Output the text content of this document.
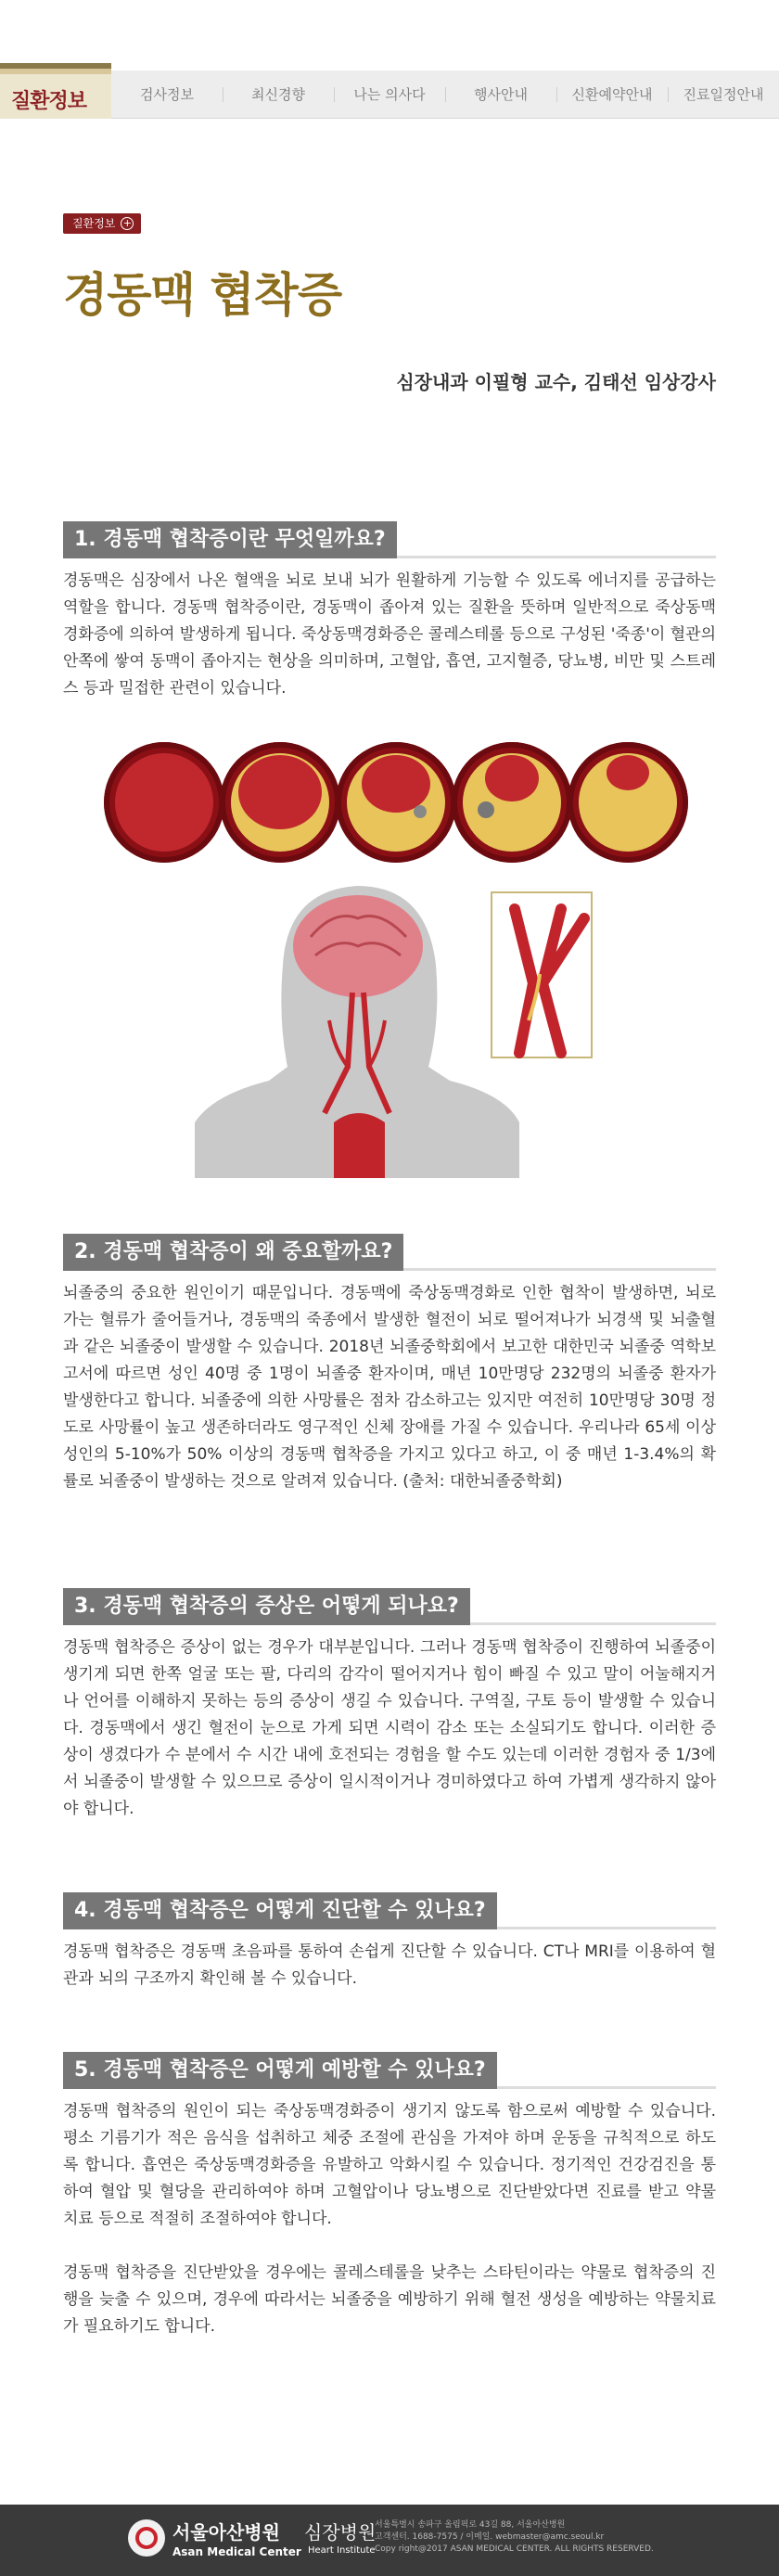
질환정보	검사정보	최신경향	나는 의사다	행사안내	신환예약안내	진료일정안내
질환정보 +
경동맥 협착증
심장내과 이필형 교수, 김태선 임상강사
1. 경동맥 협착증이란 무엇일까요?

경동맥은 심장에서 나온 혈액을 뇌로 보내 뇌가 원활하게 기능할 수 있도록 에너지를 공급하는 역할을 합니다. 경동맥 협착증이란, 경동맥이 좁아져 있는 질환을 뜻하며 일반적으로 죽상동맥경화증에 의하여 발생하게 됩니다. 죽상동맥경화증은 콜레스테롤 등으로 구성된 '죽종'이 혈관의 안쪽에 쌓여 동맥이 좁아지는 현상을 의미하며, 고혈압, 흡연, 고지혈증, 당뇨병, 비만 및 스트레스 등과 밀접한 관련이 있습니다.

2. 경동맥 협착증이 왜 중요할까요?

뇌졸중의 중요한 원인이기 때문입니다. 경동맥에 죽상동맥경화로 인한 협착이 발생하면, 뇌로 가는 혈류가 줄어들거나, 경동맥의 죽종에서 발생한 혈전이 뇌로 떨어져나가 뇌경색 및 뇌출혈과 같은 뇌졸중이 발생할 수 있습니다. 2018년 뇌졸중학회에서 보고한 대한민국 뇌졸중 역학보고서에 따르면 성인 40명 중 1명이 뇌졸중 환자이며, 매년 10만명당 232명의 뇌졸중 환자가 발생한다고 합니다. 뇌졸중에 의한 사망률은 점차 감소하고는 있지만 여전히 10만명당 30명 정도로 사망률이 높고 생존하더라도 영구적인 신체 장애를 가질 수 있습니다. 우리나라 65세 이상 성인의 5-10%가 50% 이상의 경동맥 협착증을 가지고 있다고 하고, 이 중 매년 1-3.4%의 확률로 뇌졸중이 발생하는 것으로 알려져 있습니다. (출처: 대한뇌졸중학회)

3. 경동맥 협착증의 증상은 어떻게 되나요?

경동맥 협착증은 증상이 없는 경우가 대부분입니다. 그러나 경동맥 협착증이 진행하여 뇌졸중이 생기게 되면 한쪽 얼굴 또는 팔, 다리의 감각이 떨어지거나 힘이 빠질 수 있고 말이 어눌해지거나 언어를 이해하지 못하는 등의 증상이 생길 수 있습니다. 구역질, 구토 등이 발생할 수 있습니다. 경동맥에서 생긴 혈전이 눈으로 가게 되면 시력이 감소 또는 소실되기도 합니다. 이러한 증상이 생겼다가 수 분에서 수 시간 내에 호전되는 경험을 할 수도 있는데 이러한 경험자 중 1/3에서 뇌졸중이 발생할 수 있으므로 증상이 일시적이거나 경미하였다고 하여 가볍게 생각하지 않아야 합니다.

4. 경동맥 협착증은 어떻게 진단할 수 있나요?

경동맥 협착증은 경동맥 초음파를 통하여 손쉽게 진단할 수 있습니다. CT나 MRI를 이용하여 혈관과 뇌의 구조까지 확인해 볼 수 있습니다.

5. 경동맥 협착증은 어떻게 예방할 수 있나요?

경동맥 협착증의 원인이 되는 죽상동맥경화증이 생기지 않도록 함으로써 예방할 수 있습니다. 평소 기름기가 적은 음식을 섭취하고 체중 조절에 관심을 가져야 하며 운동을 규칙적으로 하도록 합니다. 흡연은 죽상동맥경화증을 유발하고 악화시킬 수 있습니다. 정기적인 건강검진을 통하여 혈압 및 혈당을 관리하여야 하며 고혈압이나 당뇨병으로 진단받았다면 진료를 받고 약물 치료 등으로 적절히 조절하여야 합니다.

경동맥 협착증을 진단받았을 경우에는 콜레스테롤을 낮추는 스타틴이라는 약물로 협착증의 진행을 늦출 수 있으며, 경우에 따라서는 뇌졸중을 예방하기 위해 혈전 생성을 예방하는 약물치료가 필요하기도 합니다.

서울아산병원
Asan Medical Center
심장병원
Heart Institute
서울특별시 송파구 올림픽로 43길 88, 서울아산병원
고객센터. 1688-7575 / 이메일. webmaster@amc.seoul.kr
Copy right@2017 ASAN MEDICAL CENTER. ALL RIGHTS RESERVED.
